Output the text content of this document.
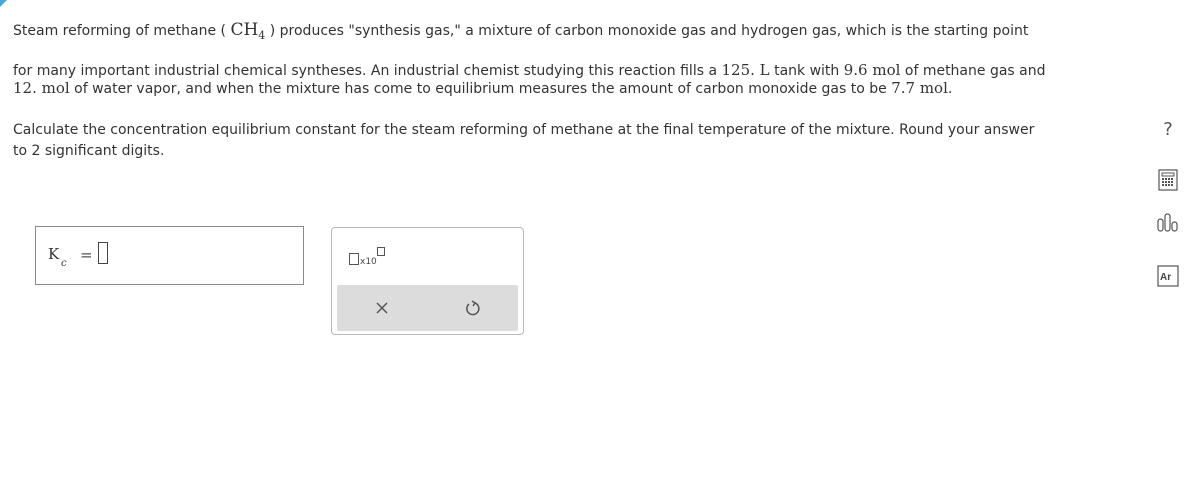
Steam reforming of methane ( $CH_4$ ) produces "synthesis gas," a mixture of carbon monoxide gas and hydrogen gas, which is the starting point
for many important industrial chemical syntheses. An industrial chemist studying this reaction fills a 125. L tank with 9.6 mol of methane gas and
12. mol of water vapor, and when the mixture has come to equilibrium measures the amount of carbon monoxide gas to be 7.7 mol.
Calculate the concentration equilibrium constant for the steam reforming of methane at the final temperature of the mixture. Round your answer
to 2 significant digits.
K
c =	x10
?
Ar
